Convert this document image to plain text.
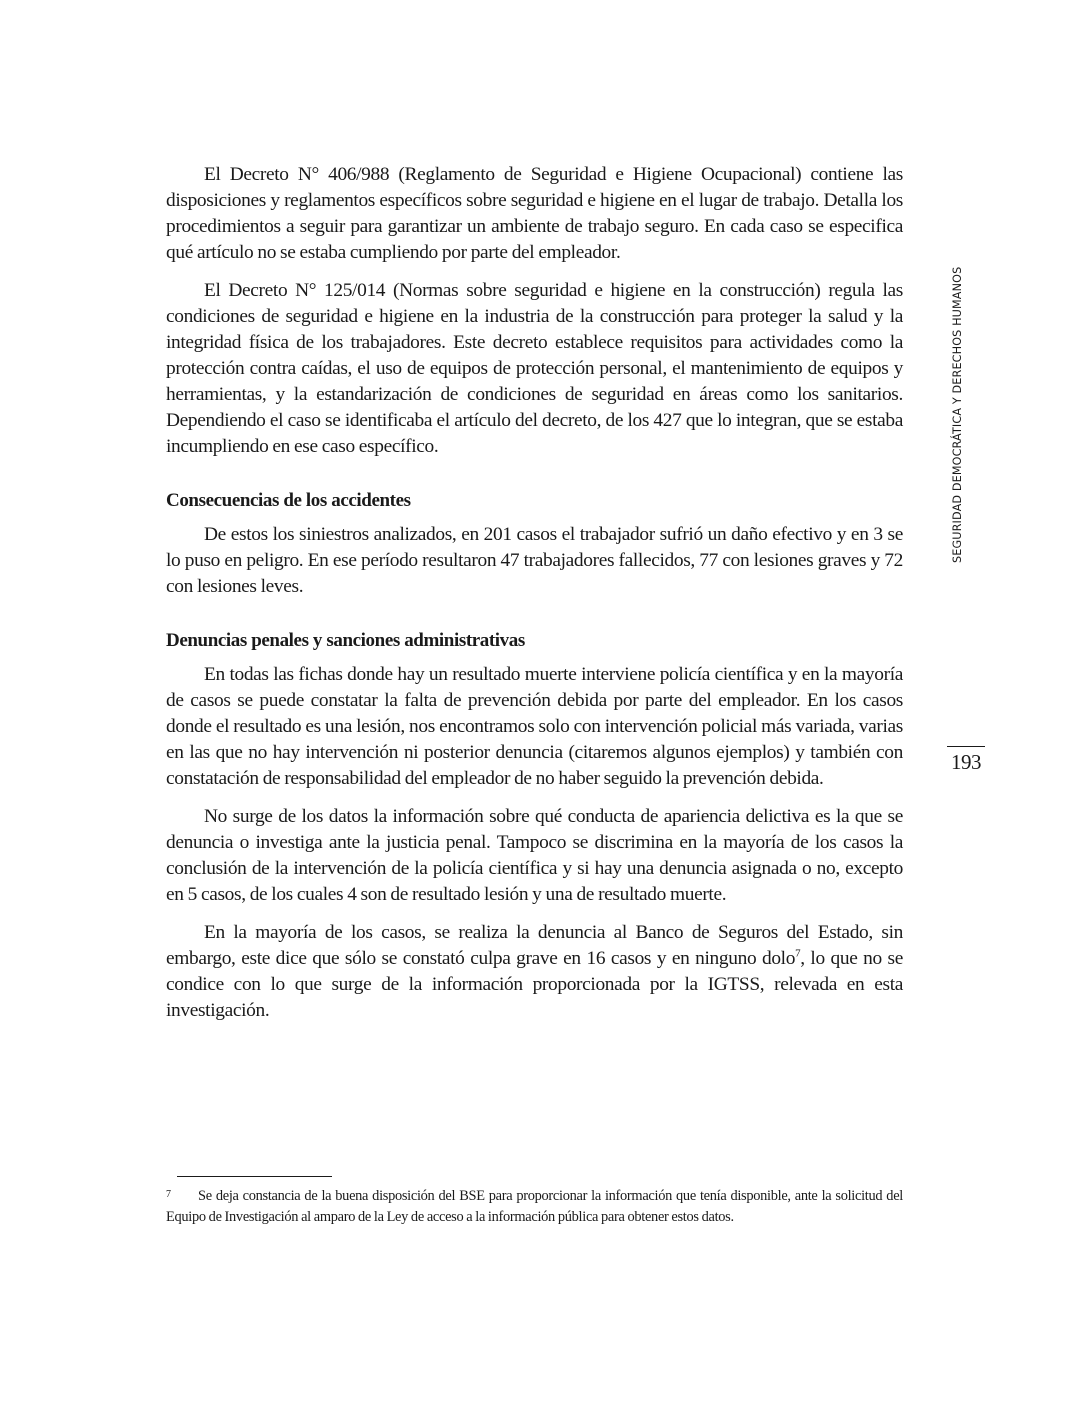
El Decreto N° 406/988 (Reglamento de Seguridad e Higiene Ocupacional) contiene las disposiciones y reglamentos específicos sobre seguridad e higiene en el lugar de trabajo. Detalla los procedimientos a seguir para garantizar un ambiente de trabajo seguro. En cada caso se especifica qué artículo no se estaba cumpliendo por parte del empleador.

El Decreto N° 125/014 (Normas sobre seguridad e higiene en la construcción) regula las condiciones de seguridad e higiene en la industria de la construcción para proteger la salud y la integridad física de los trabajadores. Este decreto establece requisitos para actividades como la protección contra caídas, el uso de equipos de protección personal, el mantenimiento de equipos y herramientas, y la estandarización de condiciones de seguridad en áreas como los sanitarios. Dependiendo el caso se identificaba el artículo del decreto, de los 427 que lo integran, que se estaba incumpliendo en ese caso específico.

Consecuencias de los accidentes

De estos los siniestros analizados, en 201 casos el trabajador sufrió un daño efectivo y en 3 se lo puso en peligro. En ese período resultaron 47 trabajadores fallecidos, 77 con lesiones graves y 72 con lesiones leves.

Denuncias penales y sanciones administrativas

En todas las fichas donde hay un resultado muerte interviene policía científica y en la mayoría de casos se puede constatar la falta de prevención debida por parte del empleador. En los casos donde el resultado es una lesión, nos encontramos solo con intervención policial más variada, varias en las que no hay intervención ni posterior denuncia (citaremos algunos ejemplos) y también con constatación de responsabilidad del empleador de no haber seguido la prevención debida.

No surge de los datos la información sobre qué conducta de apariencia delictiva es la que se denuncia o investiga ante la justicia penal. Tampoco se discrimina en la mayoría de los casos la conclusión de la intervención de la policía científica y si hay una denuncia asignada o no, excepto en 5 casos, de los cuales 4 son de resultado lesión y una de resultado muerte.

En la mayoría de los casos, se realiza la denuncia al Banco de Seguros del Estado, sin embargo, este dice que sólo se constató culpa grave en 16 casos y en ninguno dolo$^7$, lo que no se condice con lo que surge de la información proporcionada por la IGTSS, relevada en esta investigación.

7 Se deja constancia de la buena disposición del BSE para proporcionar la información que tenía disponible, ante la solicitud del Equipo de Investigación al amparo de la Ley de acceso a la información pública para obtener estos datos.

SEGURIDAD DEMOCRÁTICA Y DERECHOS HUMANOS
193
